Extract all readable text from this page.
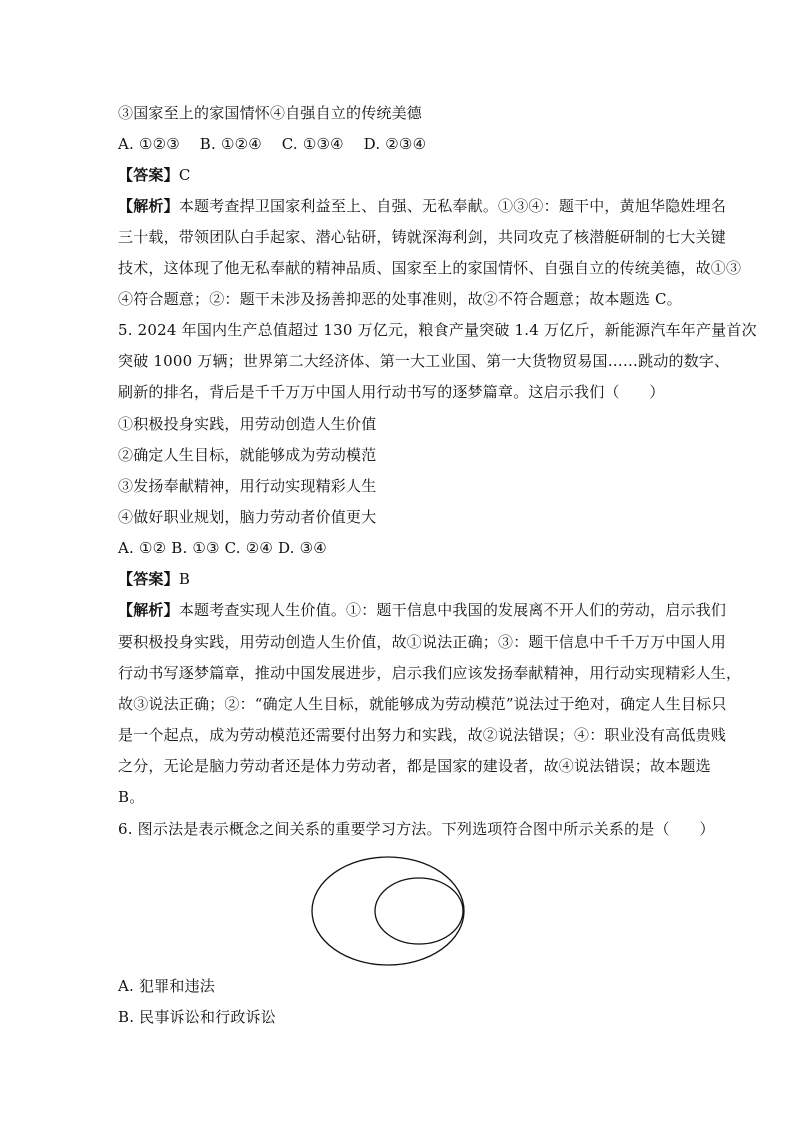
③国家至上的家国情怀④自强自立的传统美德
A. ①②③    B. ①②④    C. ①③④    D. ②③④
【答案】C
【解析】本题考查捍卫国家利益至上、自强、无私奉献。①③④：题干中，黄旭华隐姓埋名
三十载，带领团队白手起家、潜心钻研，铸就深海利剑，共同攻克了核潜艇研制的七大关键
技术，这体现了他无私奉献的精神品质、国家至上的家国情怀、自强自立的传统美德，故①③
④符合题意；②：题干未涉及扬善抑恶的处事准则，故②不符合题意；故本题选 C。
5. 2024 年国内生产总值超过 130 万亿元，粮食产量突破 1.4 万亿斤，新能源汽车年产量首次
突破 1000 万辆；世界第二大经济体、第一大工业国、第一大货物贸易国……跳动的数字、
刷新的排名，背后是千千万万中国人用行动书写的逐梦篇章。这启示我们（      ）
①积极投身实践，用劳动创造人生价值
②确定人生目标，就能够成为劳动模范
③发扬奉献精神，用行动实现精彩人生
④做好职业规划，脑力劳动者价值更大
A. ①② B. ①③ C. ②④ D. ③④
【答案】B
【解析】本题考查实现人生价值。①：题干信息中我国的发展离不开人们的劳动，启示我们
要积极投身实践，用劳动创造人生价值，故①说法正确；③：题干信息中千千万万中国人用
行动书写逐梦篇章，推动中国发展进步，启示我们应该发扬奉献精神，用行动实现精彩人生，
故③说法正确；②：“确定人生目标，就能够成为劳动模范”说法过于绝对，确定人生目标只
是一个起点，成为劳动模范还需要付出努力和实践，故②说法错误；④：职业没有高低贵贱
之分，无论是脑力劳动者还是体力劳动者，都是国家的建设者，故④说法错误；故本题选
B。
6. 图示法是表示概念之间关系的重要学习方法。下列选项符合图中所示关系的是（      ）
A. 犯罪和违法
B. 民事诉讼和行政诉讼
